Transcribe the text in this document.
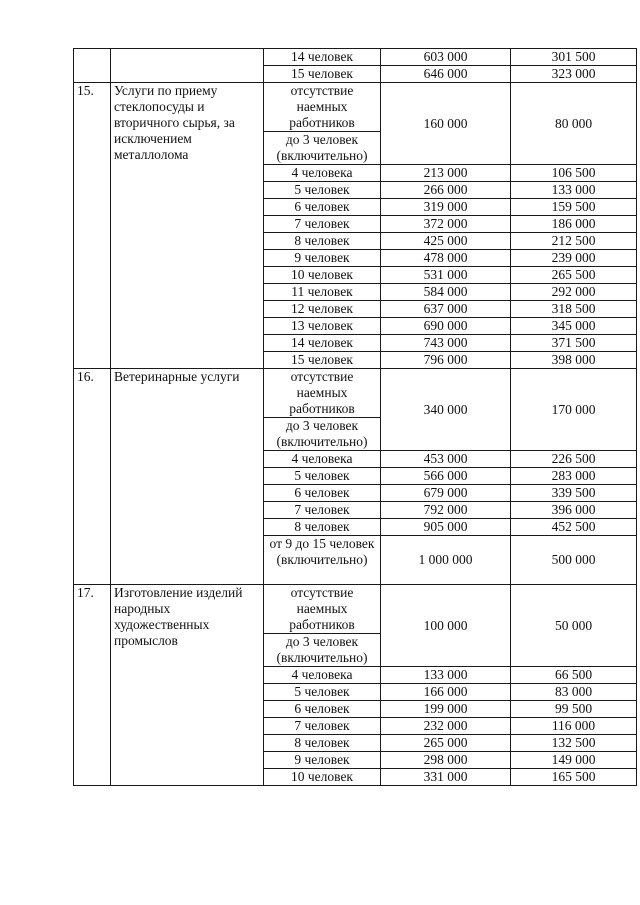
		14 человек	603 000	301 500
		15 человек	646 000	323 000
15.	Услуги по приему стеклопосуды и вторичного сырья, за исключением металлолома	отсутствие наемных работников	160 000	80 000
		до 3 человек (включительно)		
		4 человека	213 000	106 500
		5 человек	266 000	133 000
		6 человек	319 000	159 500
		7 человек	372 000	186 000
		8 человек	425 000	212 500
		9 человек	478 000	239 000
		10 человек	531 000	265 500
		11 человек	584 000	292 000
		12 человек	637 000	318 500
		13 человек	690 000	345 000
		14 человек	743 000	371 500
		15 человек	796 000	398 000
16.	Ветеринарные услуги	отсутствие наемных работников	340 000	170 000
		до 3 человек (включительно)		
		4 человека	453 000	226 500
		5 человек	566 000	283 000
		6 человек	679 000	339 500
		7 человек	792 000	396 000
		8 человек	905 000	452 500
		от 9 до 15 человек (включительно)	1 000 000	500 000
17.	Изготовление изделий народных художественных промыслов	отсутствие наемных работников	100 000	50 000
		до 3 человек (включительно)		
		4 человека	133 000	66 500
		5 человек	166 000	83 000
		6 человек	199 000	99 500
		7 человек	232 000	116 000
		8 человек	265 000	132 500
		9 человек	298 000	149 000
		10 человек	331 000	165 500
